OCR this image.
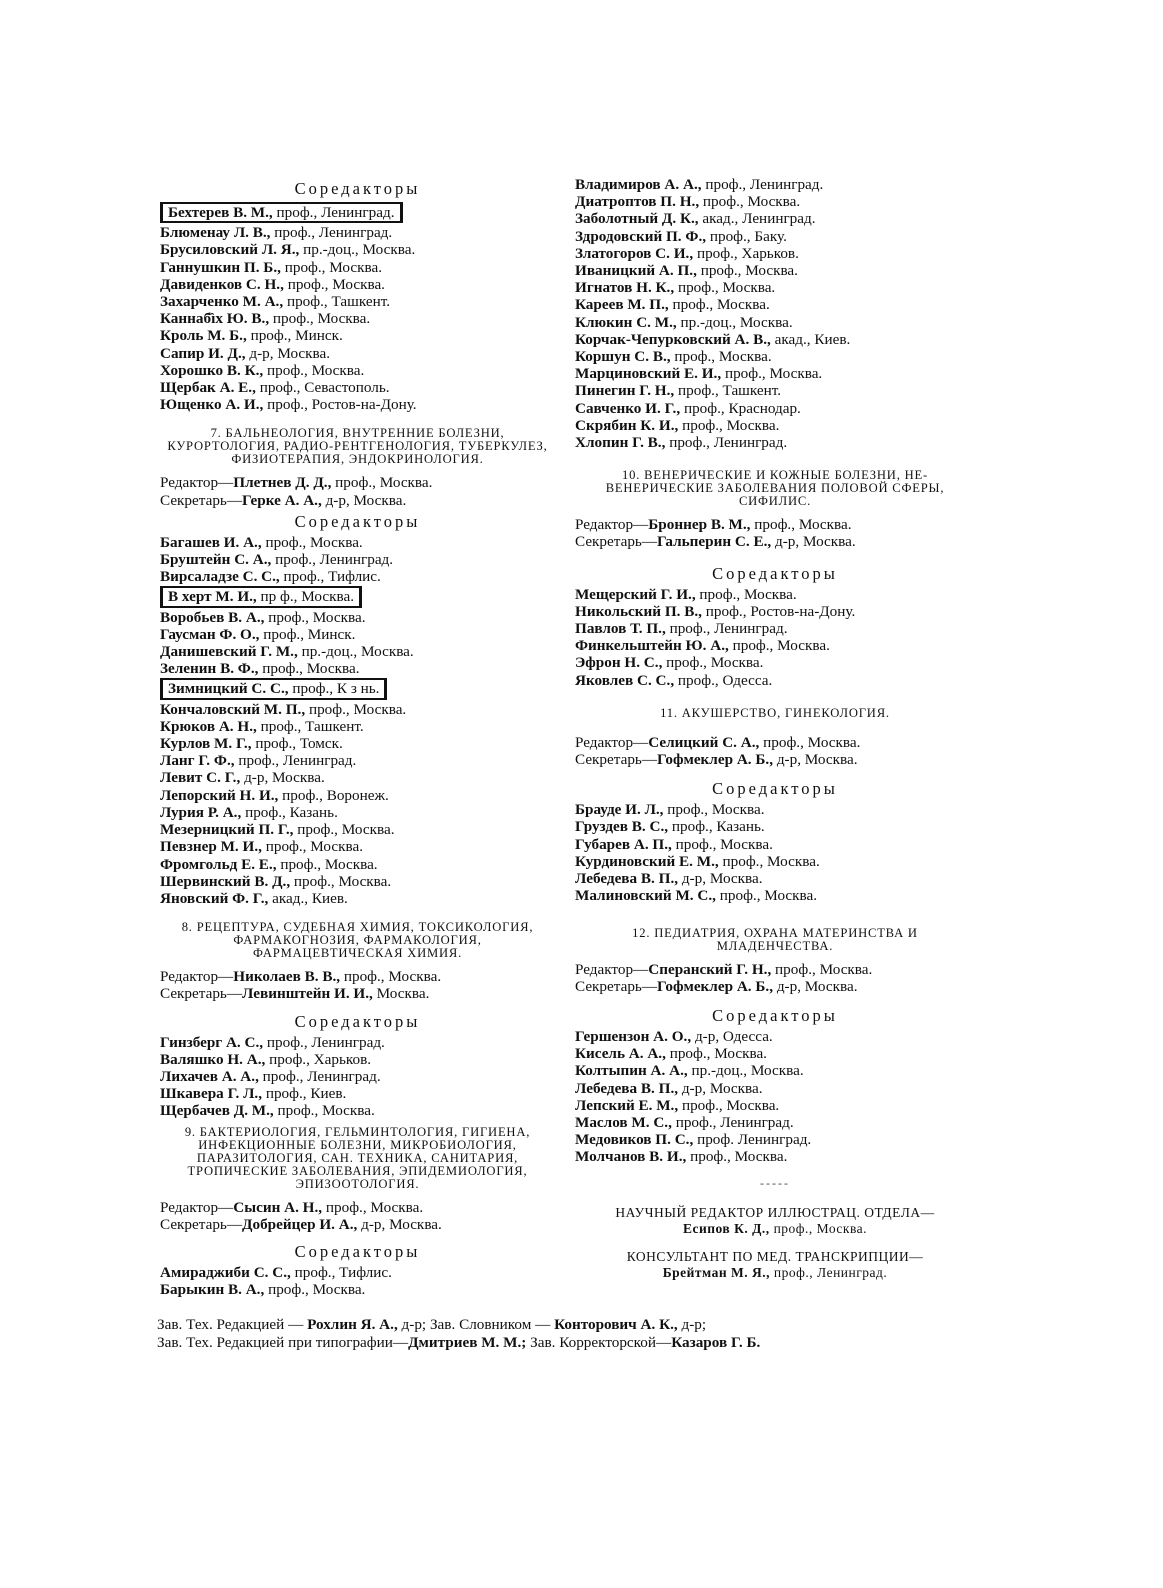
Соредакторы
Бехтерев В. М., проф., Ленинград.
Блюменау Л. В., проф., Ленинград.
Брусиловский Л. Я., пр.-доц., Москва.
Ганнушкин П. Б., проф., Москва.
Давиденков С. Н., проф., Москва.
Захарченко М. А., проф., Ташкент.
Каннаб҄ıх Ю. В., проф., Москва.
Кроль М. Б., проф., Минск.
Сапир И. Д., д-р, Москва.
Хорошко В. К., проф., Москва.
Щербак А. Е., проф., Севастополь.
Ющенко А. И., проф., Ростов-на-Дону.
7. БАЛЬНЕОЛОГИЯ, ВНУТРЕННИЕ БОЛЕЗНИ, КУРОРТОЛОГИЯ, РАДИО-РЕНТГЕНОЛОГИЯ, ТУБЕРКУЛЕЗ, ФИЗИОТЕРАПИЯ, ЭНДОКРИНОЛОГИЯ.
Редактор—Плетнев Д. Д., проф., Москва.
Секретарь—Герке А. А., д-р, Москва.
Соредакторы
Багашев И. А., проф., Москва.
Бруштейн С. А., проф., Ленинград.
Вирсаладзе С. С., проф., Тифлис.
В херт М. И., пр ф., Москва.
Воробьев В. А., проф., Москва.
Гаусман Ф. О., проф., Минск.
Данишевский Г. М., пр.-доц., Москва.
Зеленин В. Ф., проф., Москва.
Зимницкий С. С., проф., К з нь.
Кончаловский М. П., проф., Москва.
Крюков А. Н., проф., Ташкент.
Курлов М. Г., проф., Томск.
Ланг Г. Ф., проф., Ленинград.
Левит С. Г., д-р, Москва.
Лепорский Н. И., проф., Воронеж.
Лурия Р. А., проф., Казань.
Мезерницкий П. Г., проф., Москва.
Певзнер М. И., проф., Москва.
Фромгольд Е. Е., проф., Москва.
Шервинский В. Д., проф., Москва.
Яновский Ф. Г., акад., Киев.
8. РЕЦЕПТУРА, СУДЕБНАЯ ХИМИЯ, ТОКСИКОЛОГИЯ, ФАРМАКОГНОЗИЯ, ФАРМАКОЛОГИЯ, ФАРМАЦЕВТИЧЕСКАЯ ХИМИЯ.
Редактор—Николаев В. В., проф., Москва.
Секретарь—Левинштейн И. И., Москва.
Соредакторы
Гинзберг А. С., проф., Ленинград.
Валяшко Н. А., проф., Харьков.
Лихачев А. А., проф., Ленинград.
Шкавера Г. Л., проф., Киев.
Щербачев Д. М., проф., Москва.
9. БАКТЕРИОЛОГИЯ, ГЕЛЬМИНТОЛОГИЯ, ГИГИЕНА, ИНФЕКЦИОННЫЕ БОЛЕЗНИ, МИКРОБИОЛОГИЯ, ПАРАЗИТОЛОГИЯ, САН. ТЕХНИКА, САНИТАРИЯ, ТРОПИЧЕСКИЕ ЗАБОЛЕВАНИЯ, ЭПИДЕМИОЛОГИЯ, ЭПИЗООТОЛОГИЯ.
Редактор—Сысин А. Н., проф., Москва.
Секретарь—Добрейцер И. А., д-р, Москва.
Соредакторы
Амираджиби С. С., проф., Тифлис.
Барыкин В. А., проф., Москва.
Владимиров А. А., проф., Ленинград.
Диатроптов П. Н., проф., Москва.
Заболотный Д. К., акад., Ленинград.
Здродовский П. Ф., проф., Баку.
Златогоров С. И., проф., Харьков.
Иваницкий А. П., проф., Москва.
Игнатов Н. К., проф., Москва.
Кареев М. П., проф., Москва.
Клюкин С. М., пр.-доц., Москва.
Корчак-Чепурковский А. В., акад., Киев.
Коршун С. В., проф., Москва.
Марциновский Е. И., проф., Москва.
Пинегин Г. Н., проф., Ташкент.
Савченко И. Г., проф., Краснодар.
Скрябин К. И., проф., Москва.
Хлопин Г. В., проф., Ленинград.
10. ВЕНЕРИЧЕСКИЕ И КОЖНЫЕ БОЛЕЗНИ, НЕ-ВЕНЕРИЧЕСКИЕ ЗАБОЛЕВАНИЯ ПОЛОВОЙ СФЕРЫ, СИФИЛИС.
Редактор—Броннер В. М., проф., Москва.
Секретарь—Гальперин С. Е., д-р, Москва.
Соредакторы
Мещерский Г. И., проф., Москва.
Никольский П. В., проф., Ростов-на-Дону.
Павлов Т. П., проф., Ленинград.
Финкельштейн Ю. А., проф., Москва.
Эфрон Н. С., проф., Москва.
Яковлев С. С., проф., Одесса.
11. АКУШЕРСТВО, ГИНЕКОЛОГИЯ.
Редактор—Селицкий С. А., проф., Москва.
Секретарь—Гофмеклер А. Б., д-р, Москва.
Соредакторы
Брауде И. Л., проф., Москва.
Груздев В. С., проф., Казань.
Губарев А. П., проф., Москва.
Курдиновский Е. М., проф., Москва.
Лебедева В. П., д-р, Москва.
Малиновский М. С., проф., Москва.
12. ПЕДИАТРИЯ, ОХРАНА МАТЕРИНСТВА И МЛАДЕНЧЕСТВА.
Редактор—Сперанский Г. Н., проф., Москва.
Секретарь—Гофмеклер А. Б., д-р, Москва.
Соредакторы
Гершензон А. О., д-р, Одесса.
Кисель А. А., проф., Москва.
Колтыпин А. А., пр.-доц., Москва.
Лебедева В. П., д-р, Москва.
Лепский Е. М., проф., Москва.
Маслов М. С., проф., Ленинград.
Медовиков П. С., проф. Ленинград.
Молчанов В. И., проф., Москва.
-----
НАУЧНЫЙ РЕДАКТОР ИЛЛЮСТРАЦ. ОТДЕЛА—
Есипов К. Д., проф., Москва.
КОНСУЛЬТАНТ ПО МЕД. ТРАНСКРИПЦИИ—
Брейтман М. Я., проф., Ленинград.
Зав. Тех. Редакцией — Рохлин Я. А., д-р; Зав. Словником — Конторович А. К., д-р;
Зав. Тех. Редакцией при типографии—Дмитриев М. М.; Зав. Корректорской—Казаров Г. Б.
